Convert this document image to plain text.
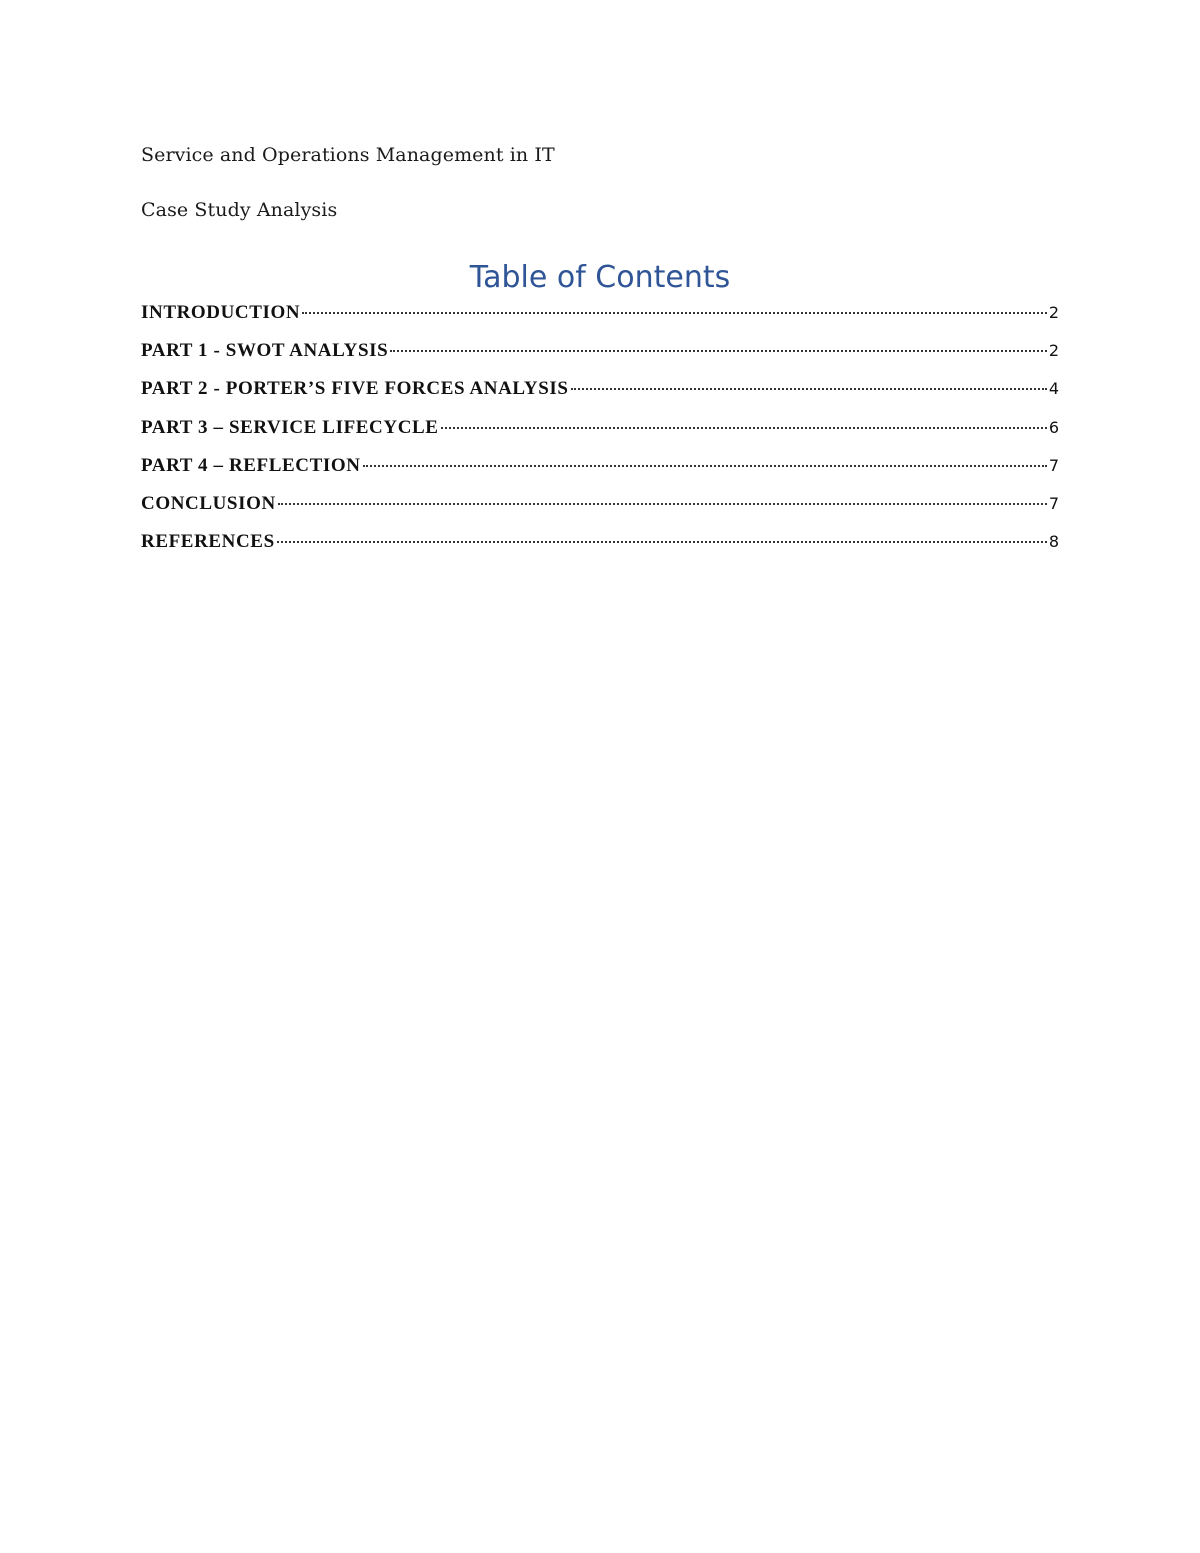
Service and Operations Management in IT
Case Study Analysis
Table of Contents
INTRODUCTION	2
PART 1 - SWOT ANALYSIS	2
PART 2 - PORTER’S FIVE FORCES ANALYSIS	4
PART 3 – SERVICE LIFECYCLE	6
PART 4 – REFLECTION	7
CONCLUSION	7
REFERENCES	8
